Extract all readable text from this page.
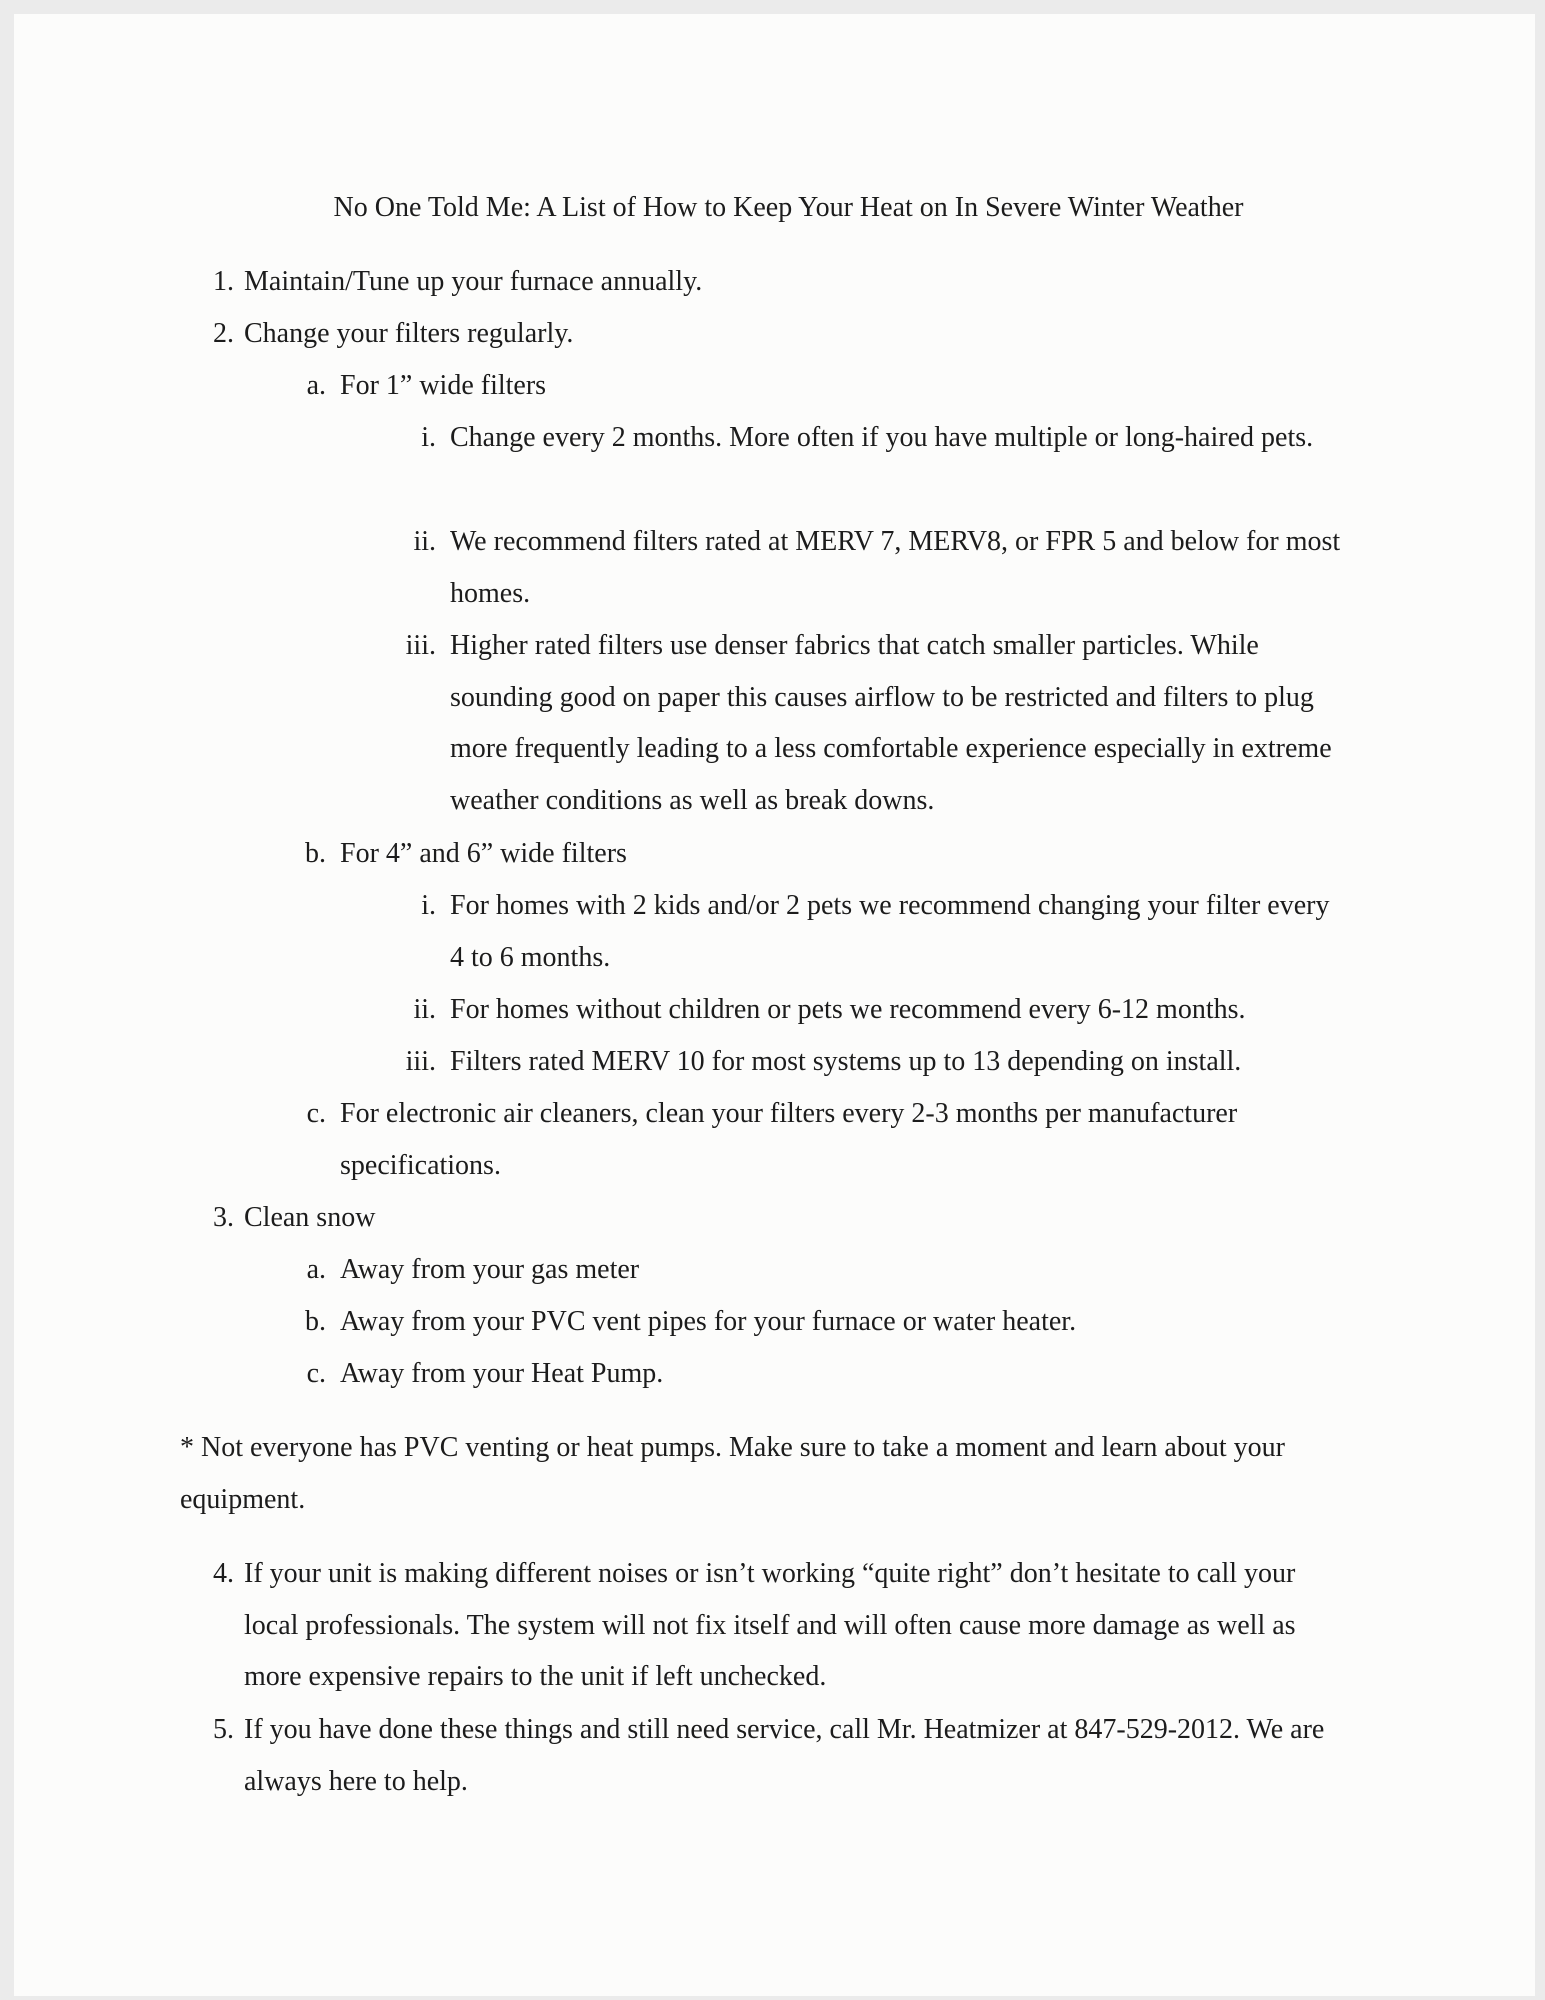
No One Told Me: A List of How to Keep Your Heat on In Severe Winter Weather
1. Maintain/Tune up your furnace annually.
2. Change your filters regularly.
a. For 1” wide filters
i. Change every 2 months. More often if you have multiple or long-haired pets.
ii. We recommend filters rated at MERV 7, MERV8, or FPR 5 and below for most homes.
iii. Higher rated filters use denser fabrics that catch smaller particles. While sounding good on paper this causes airflow to be restricted and filters to plug more frequently leading to a less comfortable experience especially in extreme weather conditions as well as break downs.
b. For 4” and 6” wide filters
i. For homes with 2 kids and/or 2 pets we recommend changing your filter every 4 to 6 months.
ii. For homes without children or pets we recommend every 6-12 months.
iii. Filters rated MERV 10 for most systems up to 13 depending on install.
c. For electronic air cleaners, clean your filters every 2-3 months per manufacturer specifications.
3. Clean snow
a. Away from your gas meter
b. Away from your PVC vent pipes for your furnace or water heater.
c. Away from your Heat Pump.
* Not everyone has PVC venting or heat pumps. Make sure to take a moment and learn about your equipment.
4. If your unit is making different noises or isn’t working “quite right” don’t hesitate to call your local professionals. The system will not fix itself and will often cause more damage as well as more expensive repairs to the unit if left unchecked.
5. If you have done these things and still need service, call Mr. Heatmizer at 847-529-2012. We are always here to help.
